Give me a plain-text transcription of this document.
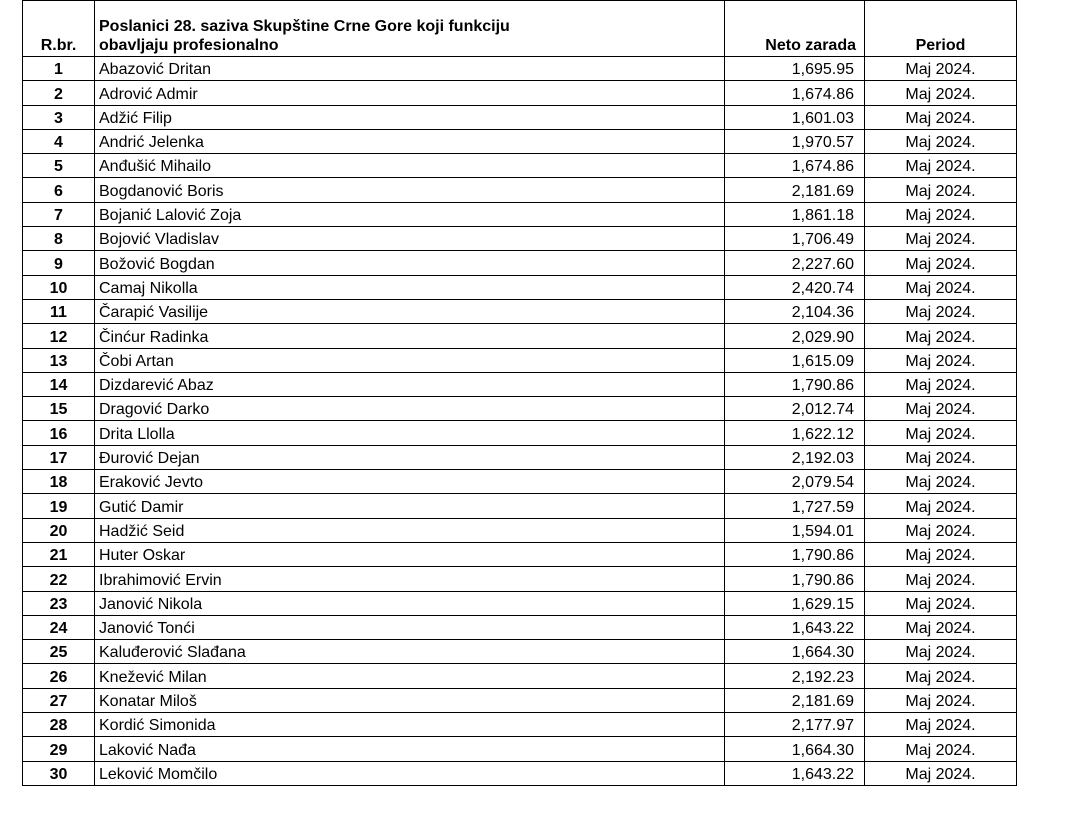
R.br.	Poslanici 28. saziva Skupštine Crne Gore koji funkciju
obavljaju profesionalno	Neto zarada	Period
1	Abazović Dritan	1,695.95	Maj 2024.
2	Adrović Admir	1,674.86	Maj 2024.
3	Adžić Filip	1,601.03	Maj 2024.
4	Andrić Jelenka	1,970.57	Maj 2024.
5	Anđušić Mihailo	1,674.86	Maj 2024.
6	Bogdanović Boris	2,181.69	Maj 2024.
7	Bojanić Lalović Zoja	1,861.18	Maj 2024.
8	Bojović Vladislav	1,706.49	Maj 2024.
9	Božović Bogdan	2,227.60	Maj 2024.
10	Camaj Nikolla	2,420.74	Maj 2024.
11	Čarapić Vasilije	2,104.36	Maj 2024.
12	Činćur Radinka	2,029.90	Maj 2024.
13	Čobi Artan	1,615.09	Maj 2024.
14	Dizdarević Abaz	1,790.86	Maj 2024.
15	Dragović Darko	2,012.74	Maj 2024.
16	Drita Llolla	1,622.12	Maj 2024.
17	Đurović Dejan	2,192.03	Maj 2024.
18	Eraković Jevto	2,079.54	Maj 2024.
19	Gutić Damir	1,727.59	Maj 2024.
20	Hadžić Seid	1,594.01	Maj 2024.
21	Huter Oskar	1,790.86	Maj 2024.
22	Ibrahimović Ervin	1,790.86	Maj 2024.
23	Janović Nikola	1,629.15	Maj 2024.
24	Janović Tonći	1,643.22	Maj 2024.
25	Kaluđerović Slađana	1,664.30	Maj 2024.
26	Knežević Milan	2,192.23	Maj 2024.
27	Konatar Miloš	2,181.69	Maj 2024.
28	Kordić Simonida	2,177.97	Maj 2024.
29	Laković Nađa	1,664.30	Maj 2024.
30	Leković Momčilo	1,643.22	Maj 2024.
